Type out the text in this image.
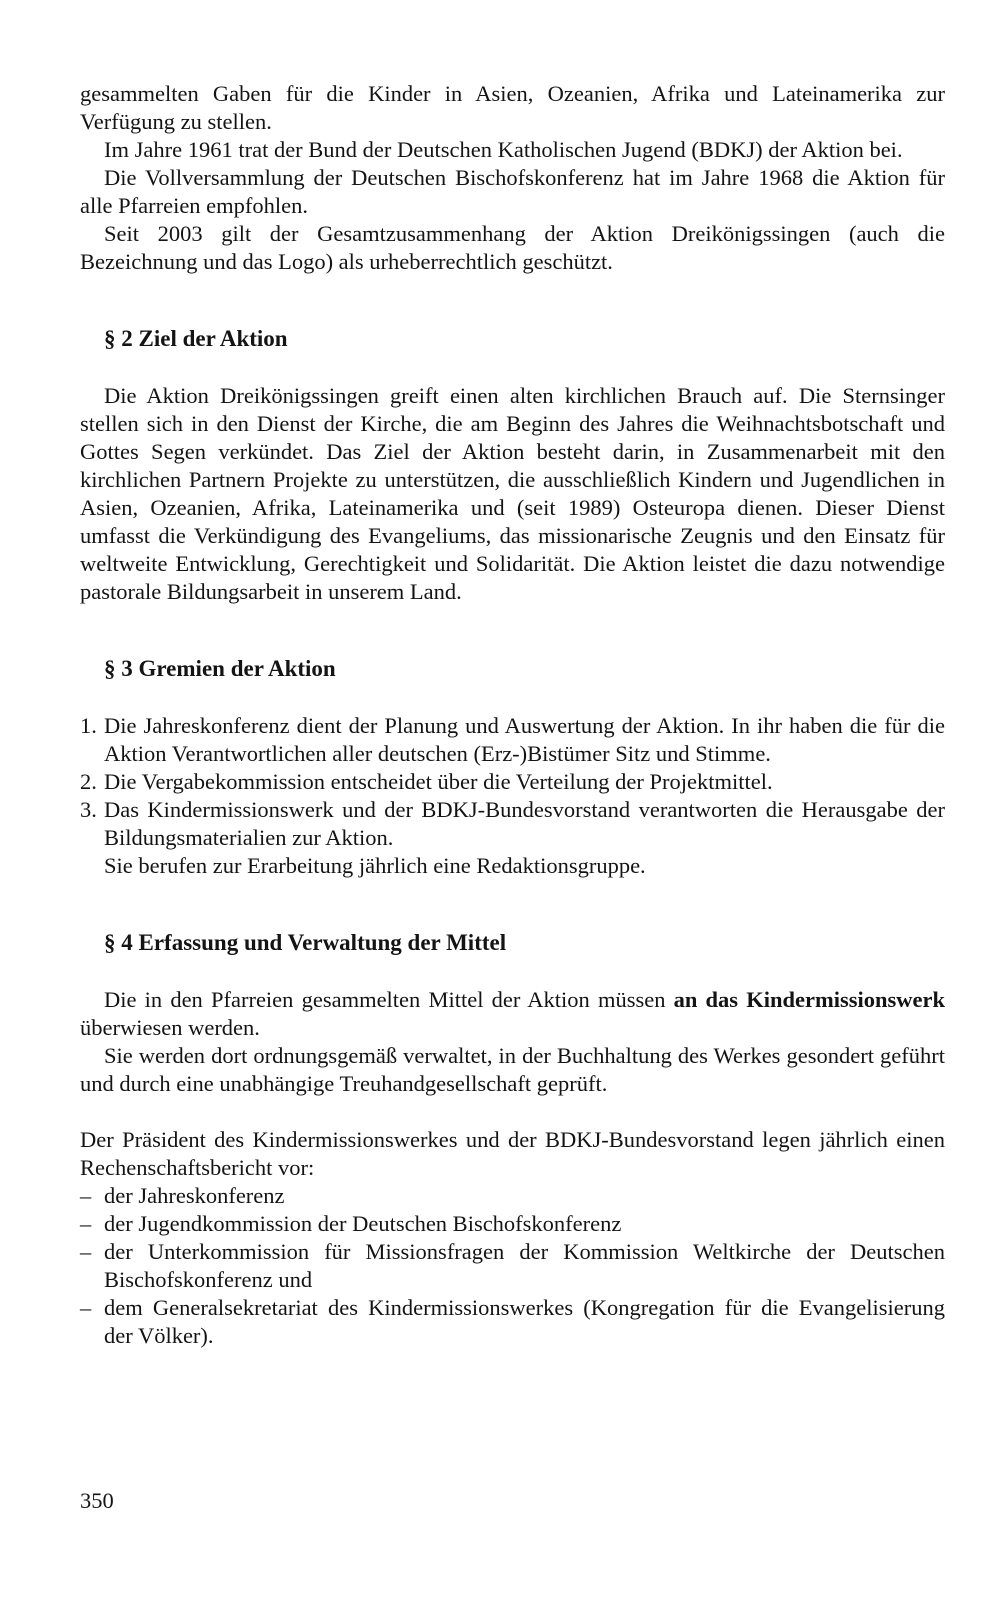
gesammelten Gaben für die Kinder in Asien, Ozeanien, Afrika und Lateinamerika zur Verfügung zu stellen.

Im Jahre 1961 trat der Bund der Deutschen Katholischen Jugend (BDKJ) der Aktion bei.

Die Vollversammlung der Deutschen Bischofskonferenz hat im Jahre 1968 die Aktion für alle Pfarreien empfohlen.

Seit 2003 gilt der Gesamtzusammenhang der Aktion Dreikönigssingen (auch die Bezeichnung und das Logo) als urheberrechtlich geschützt.

§ 2 Ziel der Aktion

Die Aktion Dreikönigssingen greift einen alten kirchlichen Brauch auf. Die Sternsinger stellen sich in den Dienst der Kirche, die am Beginn des Jahres die Weihnachtsbotschaft und Gottes Segen verkündet. Das Ziel der Aktion besteht darin, in Zusammenarbeit mit den kirchlichen Partnern Projekte zu unterstützen, die ausschließlich Kindern und Jugendlichen in Asien, Ozeanien, Afrika, Lateinamerika und (seit 1989) Osteuropa dienen. Dieser Dienst umfasst die Verkündigung des Evangeliums, das missionarische Zeugnis und den Einsatz für weltweite Entwicklung, Gerechtigkeit und Solidarität. Die Aktion leistet die dazu notwendige pastorale Bildungsarbeit in unserem Land.

§ 3 Gremien der Aktion
1. Die Jahreskonferenz dient der Planung und Auswertung der Aktion. In ihr haben die für die Aktion Verantwortlichen aller deutschen (Erz-)Bistümer Sitz und Stimme.
2. Die Vergabekommission entscheidet über die Verteilung der Projektmittel.
3. Das Kindermissionswerk und der BDKJ-Bundesvorstand verantworten die Herausgabe der Bildungsmaterialien zur Aktion.
Sie berufen zur Erarbeitung jährlich eine Redaktionsgruppe.
§ 4 Erfassung und Verwaltung der Mittel

Die in den Pfarreien gesammelten Mittel der Aktion müssen an das Kindermissionswerk überwiesen werden.

Sie werden dort ordnungsgemäß verwaltet, in der Buchhaltung des Werkes gesondert geführt und durch eine unabhängige Treuhandgesellschaft geprüft.

Der Präsident des Kindermissionswerkes und der BDKJ-Bundesvorstand legen jährlich einen Rechenschaftsbericht vor:

– der Jahreskonferenz
– der Jugendkommission der Deutschen Bischofskonferenz
– der Unterkommission für Missionsfragen der Kommission Weltkirche der Deutschen Bischofskonferenz und
– dem Generalsekretariat des Kindermissionswerkes (Kongregation für die Evangelisierung der Völker).
350
